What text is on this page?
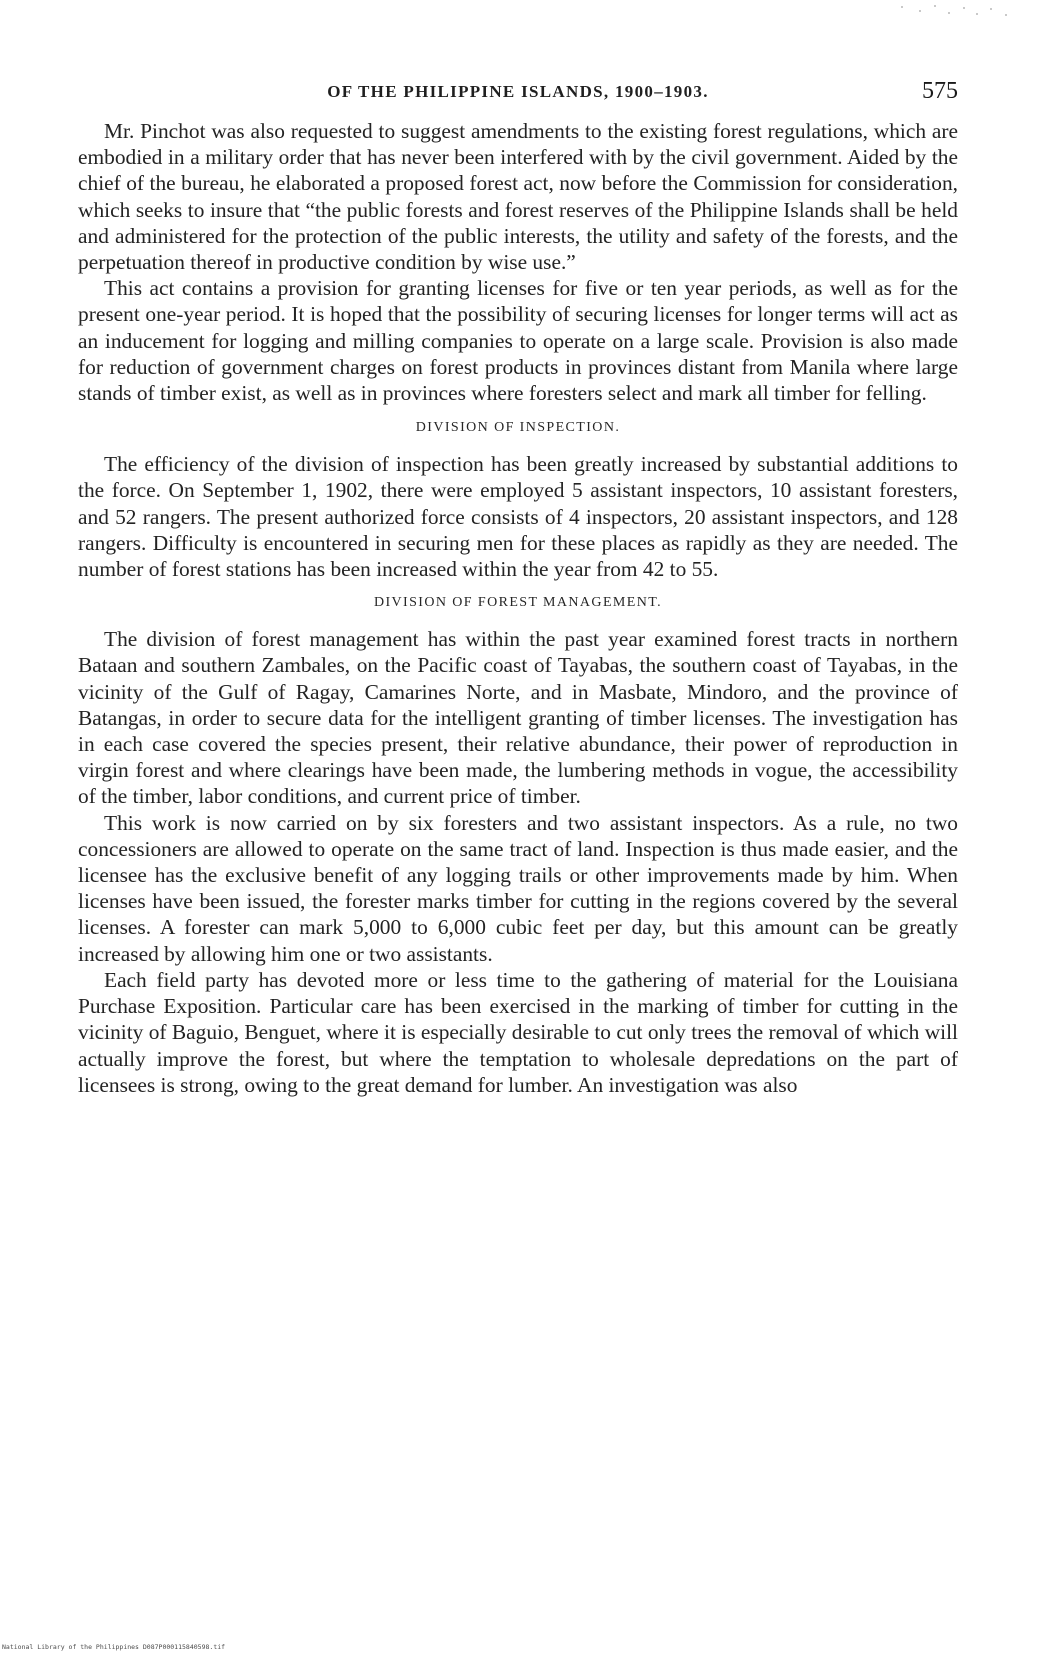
OF THE PHILIPPINE ISLANDS, 1900–1903.	575

Mr. Pinchot was also requested to suggest amendments to the existing forest regulations, which are embodied in a military order that has never been interfered with by the civil government. Aided by the chief of the bureau, he elaborated a proposed forest act, now before the Commission for consideration, which seeks to insure that “the public forests and forest reserves of the Philippine Islands shall be held and administered for the protection of the public interests, the utility and safety of the forests, and the perpetuation thereof in productive condition by wise use.”

This act contains a provision for granting licenses for five or ten year periods, as well as for the present one-year period. It is hoped that the possibility of securing licenses for longer terms will act as an inducement for logging and milling companies to operate on a large scale. Provision is also made for reduction of government charges on forest products in provinces distant from Manila where large stands of timber exist, as well as in provinces where foresters select and mark all timber for felling.

DIVISION OF INSPECTION.

The efficiency of the division of inspection has been greatly increased by substantial additions to the force. On September 1, 1902, there were employed 5 assistant inspectors, 10 assistant foresters, and 52 rangers. The present authorized force consists of 4 inspectors, 20 assistant inspectors, and 128 rangers. Difficulty is encountered in securing men for these places as rapidly as they are needed. The number of forest stations has been increased within the year from 42 to 55.

DIVISION OF FOREST MANAGEMENT.

The division of forest management has within the past year examined forest tracts in northern Bataan and southern Zambales, on the Pacific coast of Tayabas, the southern coast of Tayabas, in the vicinity of the Gulf of Ragay, Camarines Norte, and in Masbate, Mindoro, and the province of Batangas, in order to secure data for the intelligent granting of timber licenses. The investigation has in each case covered the species present, their relative abundance, their power of reproduction in virgin forest and where clearings have been made, the lumbering methods in vogue, the accessibility of the timber, labor conditions, and current price of timber.

This work is now carried on by six foresters and two assistant inspectors. As a rule, no two concessioners are allowed to operate on the same tract of land. Inspection is thus made easier, and the licensee has the exclusive benefit of any logging trails or other improvements made by him. When licenses have been issued, the forester marks timber for cutting in the regions covered by the several licenses. A forester can mark 5,000 to 6,000 cubic feet per day, but this amount can be greatly increased by allowing him one or two assistants.

Each field party has devoted more or less time to the gathering of material for the Louisiana Purchase Exposition. Particular care has been exercised in the marking of timber for cutting in the vicinity of Baguio, Benguet, where it is especially desirable to cut only trees the removal of which will actually improve the forest, but where the temptation to wholesale depredations on the part of licensees is strong, owing to the great demand for lumber. An investigation was also

National Library of the Philippines D087P000115840598.tif
